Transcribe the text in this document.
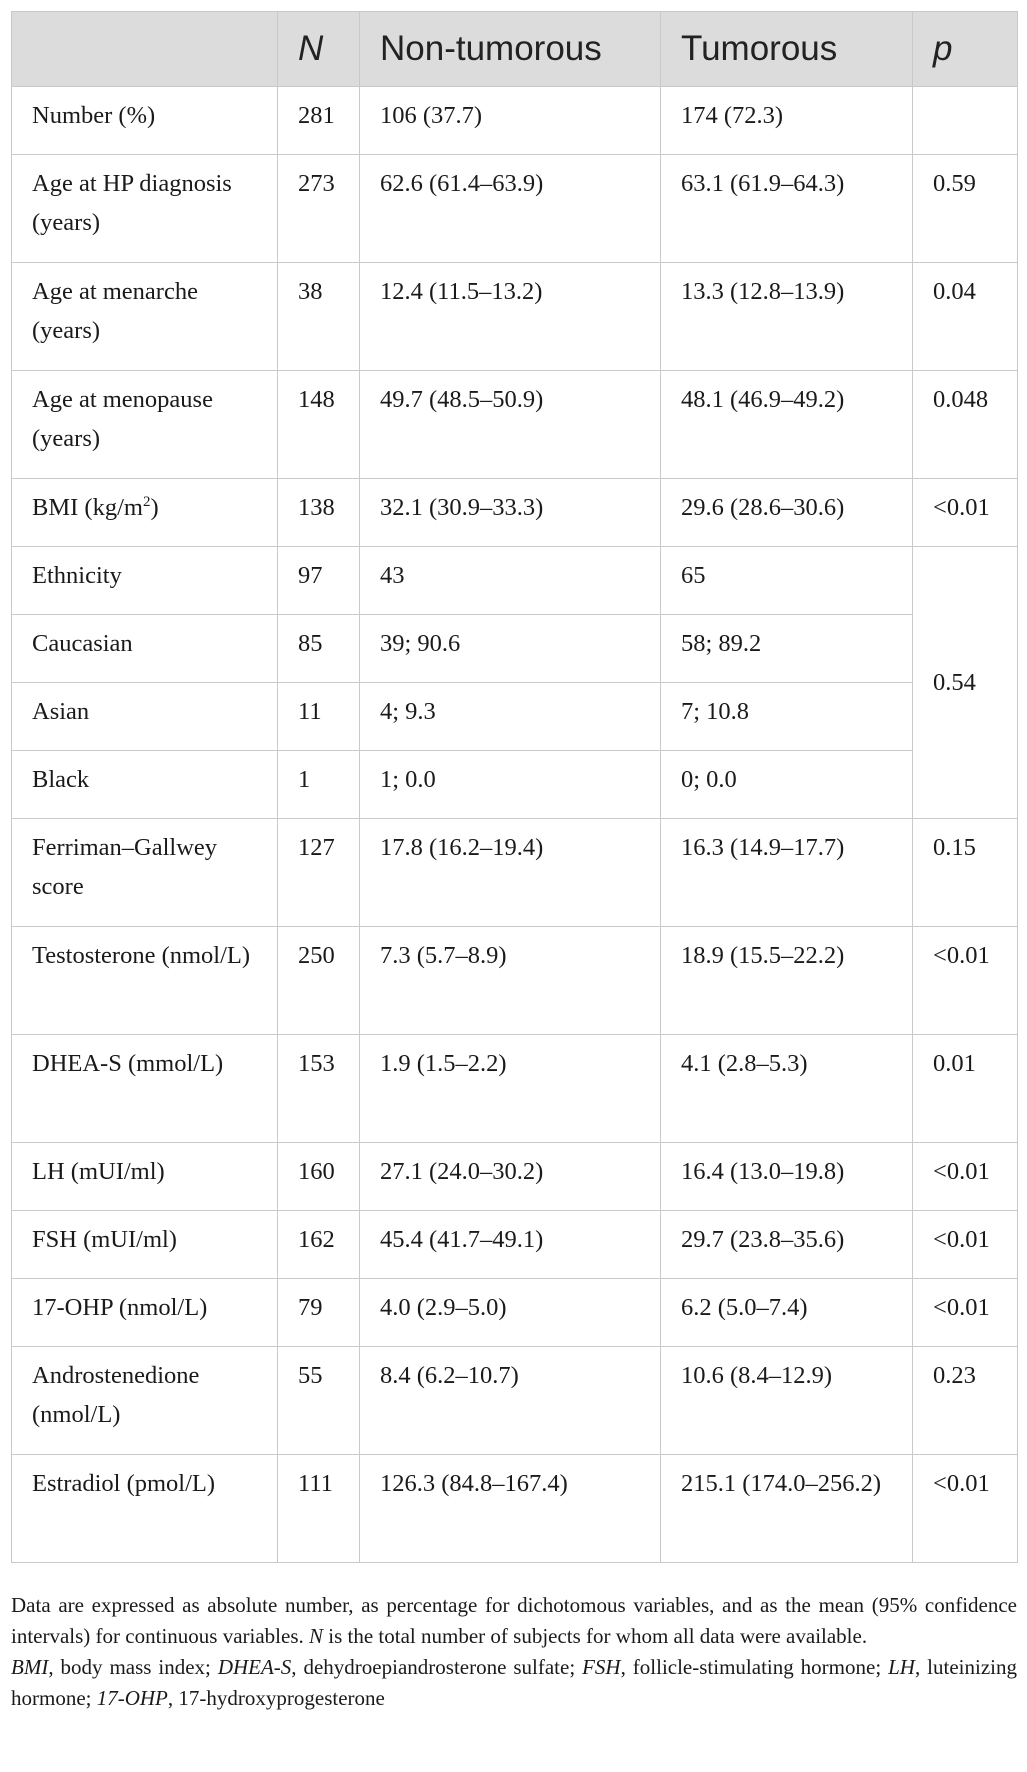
	N	Non-tumorous	Tumorous	p
Number (%)	281	106 (37.7)	174 (72.3)	
Age at HP diagnosis (years)	273	62.6 (61.4–63.9)	63.1 (61.9–64.3)	0.59
Age at menarche (years)	38	12.4 (11.5–13.2)	13.3 (12.8–13.9)	0.04
Age at menopause (years)	148	49.7 (48.5–50.9)	48.1 (46.9–49.2)	0.048
BMI $(kg/m^2)$	138	32.1 (30.9–33.3)	29.6 (28.6–30.6)	<0.01
Ethnicity	97	43	65	0.54
Caucasian	85	39; 90.6	58; 89.2	
Asian	11	4; 9.3	7; 10.8	
Black	1	1; 0.0	0; 0.0	
Ferriman–Gallwey score	127	17.8 (16.2–19.4)	16.3 (14.9–17.7)	0.15
Testosterone (nmol/L)	250	7.3 (5.7–8.9)	18.9 (15.5–22.2)	<0.01
DHEA-S (mmol/L)	153	1.9 (1.5–2.2)	4.1 (2.8–5.3)	0.01
LH (mUI/ml)	160	27.1 (24.0–30.2)	16.4 (13.0–19.8)	<0.01
FSH (mUI/ml)	162	45.4 (41.7–49.1)	29.7 (23.8–35.6)	<0.01
17-OHP (nmol/L)	79	4.0 (2.9–5.0)	6.2 (5.0–7.4)	<0.01
Androstenedione (nmol/L)	55	8.4 (6.2–10.7)	10.6 (8.4–12.9)	0.23
Estradiol (pmol/L)	111	126.3 (84.8–167.4)	215.1 (174.0–256.2)	<0.01

Data are expressed as absolute number, as percentage for dichotomous variables, and as the mean (95% confidence intervals) for continuous variables. N is the total number of subjects for whom all data were available.

BMI, body mass index; DHEA-S, dehydroepiandrosterone sulfate; FSH, follicle-stimulating hormone; LH, luteinizing hormone; 17-OHP, 17-hydroxyprogesterone
